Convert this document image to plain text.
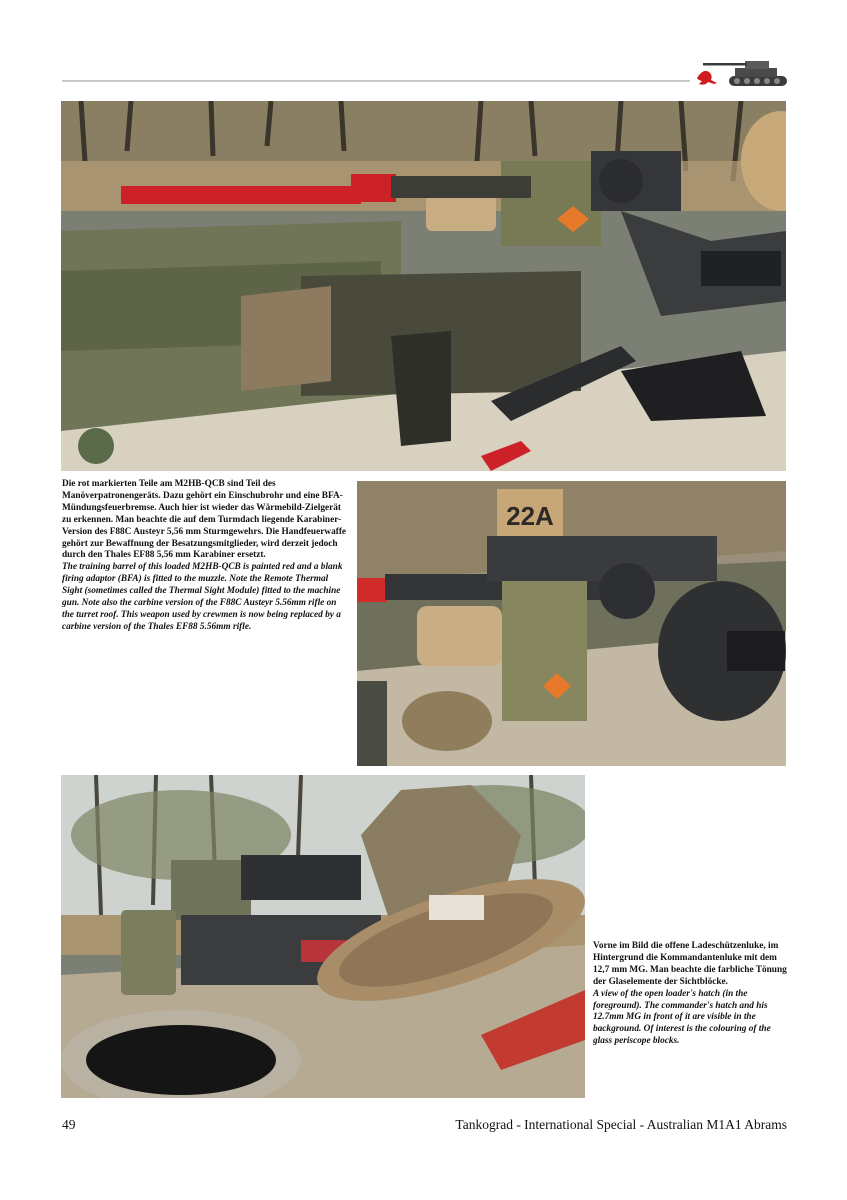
Die rot markierten Teile am M2HB-QCB sind Teil des Manöverpatronengeräts. Dazu gehört ein Einschubrohr und eine BFA-Mündungsfeuerbremse. Auch hier ist wieder das Wärmebild-Zielgerät zu erkennen. Man beachte die auf dem Turmdach liegende Karabiner-Version des F88C Austeyr 5,56 mm Sturmgewehrs. Die Handfeuerwaffe gehört zur Bewaffnung der Besatzungsmitglieder, wird derzeit jedoch durch den Thales EF88 5,56 mm Karabiner ersetzt.

The training barrel of this loaded M2HB-QCB is painted red and a blank firing adaptor (BFA) is fitted to the muzzle. Note the Remote Thermal Sight (sometimes called the Thermal Sight Module) fitted to the machine gun. Note also the carbine version of the F88C Austeyr 5.56mm rifle on the turret roof. This weapon used by crewmen is now being replaced by a carbine version of the Thales EF88 5.56mm rifle.

22A

Vorne im Bild die offene Ladeschützenluke, im Hintergrund die Kommandantenluke mit dem 12,7 mm MG. Man beachte die farbliche Tönung der Glaselemente der Sichtblöcke.

A view of the open loader's hatch (in the foreground). The commander's hatch and his 12.7mm MG in front of it are visible in the background. Of interest is the colouring of the glass periscope blocks.

49	Tankograd - International Special - Australian M1A1 Abrams
